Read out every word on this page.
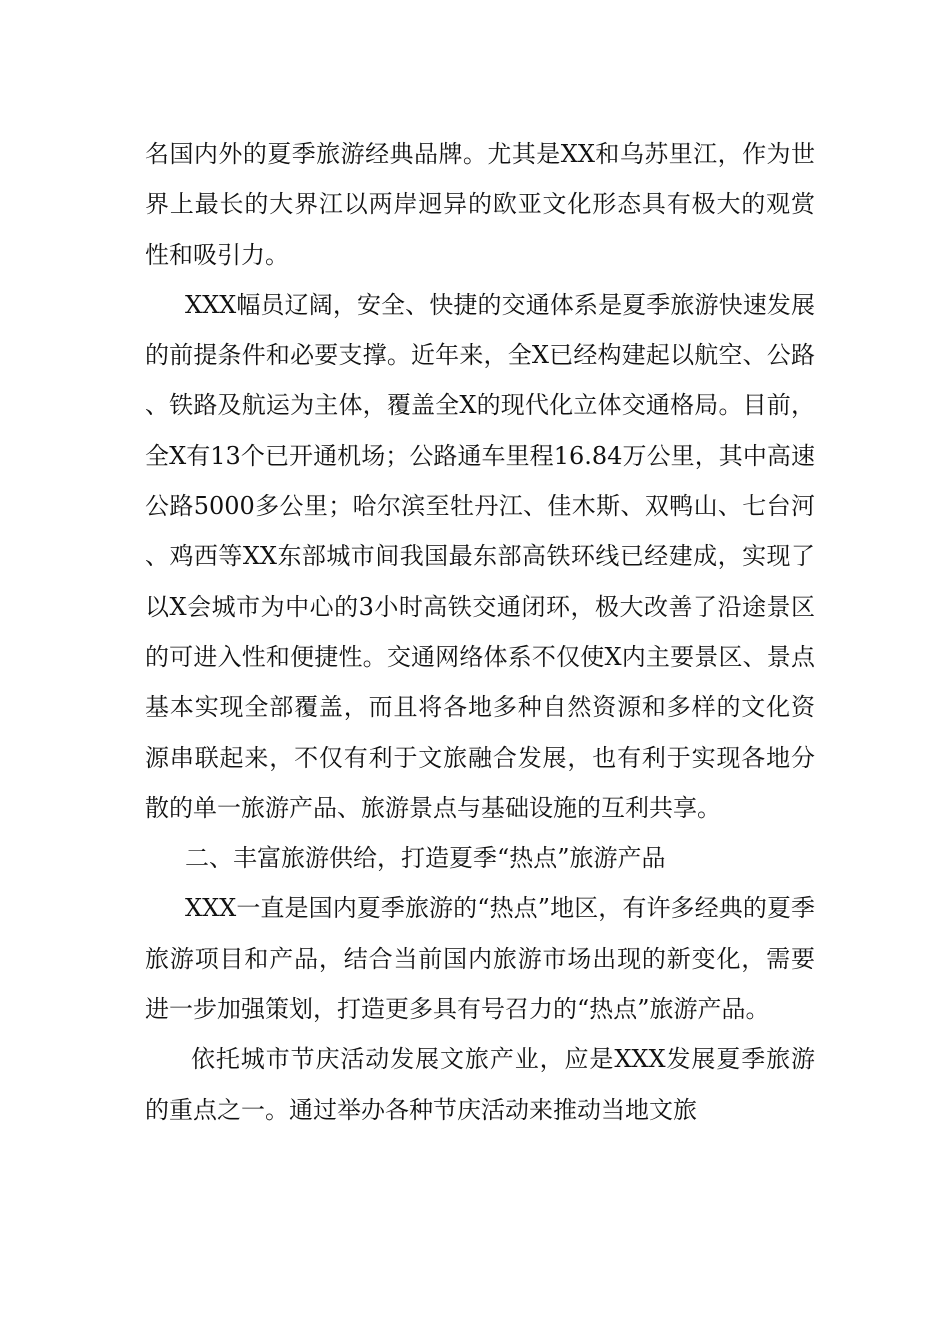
名国内外的夏季旅游经典品牌。尤其是XX和乌苏里江，作为世界上最长的大界江以两岸迥异的欧亚文化形态具有极大的观赏性和吸引力。

XXX幅员辽阔，安全、快捷的交通体系是夏季旅游快速发展的前提条件和必要支撑。近年来，全X已经构建起以航空、公路、铁路及航运为主体，覆盖全X的现代化立体交通格局。目前，全X有13个已开通机场；公路通车里程16.84万公里，其中高速公路5000多公里；哈尔滨至牡丹江、佳木斯、双鸭山、七台河、鸡西等XX东部城市间我国最东部高铁环线已经建成，实现了以X会城市为中心的3小时高铁交通闭环，极大改善了沿途景区的可进入性和便捷性。交通网络体系不仅使X内主要景区、景点基本实现全部覆盖，而且将各地多种自然资源和多样的文化资源串联起来，不仅有利于文旅融合发展，也有利于实现各地分散的单一旅游产品、旅游景点与基础设施的互利共享。

二、丰富旅游供给，打造夏季“热点”旅游产品

XXX一直是国内夏季旅游的“热点”地区，有许多经典的夏季旅游项目和产品，结合当前国内旅游市场出现的新变化，需要进一步加强策划，打造更多具有号召力的“热点”旅游产品。

依托城市节庆活动发展文旅产业，应是XXX发展夏季旅游的重点之一。通过举办各种节庆活动来推动当地文旅
